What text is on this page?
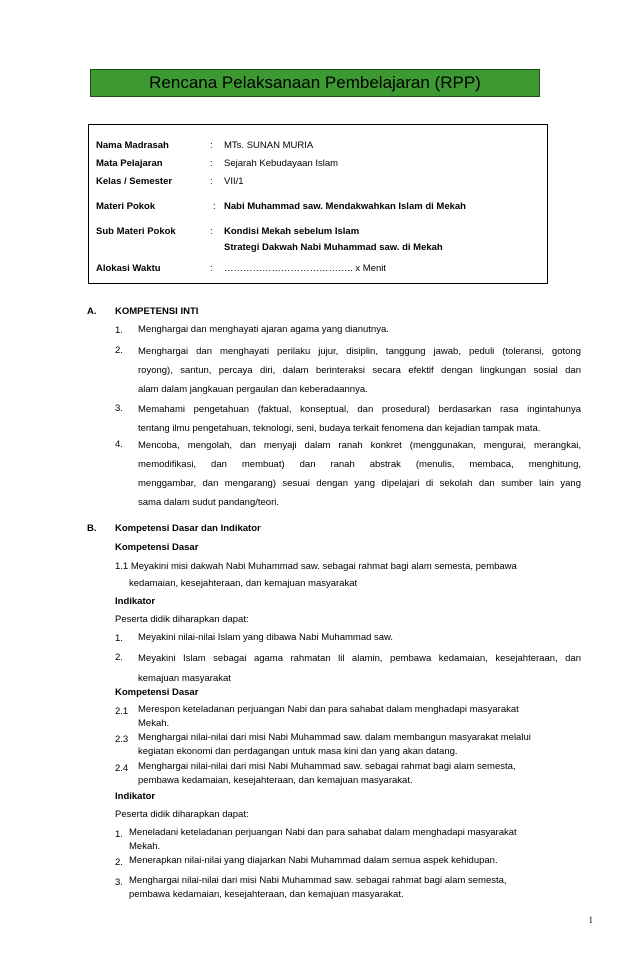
Rencana Pelaksanaan Pembelajaran (RPP)
Nama Madrasah	: MTs. SUNAN MURIA
Mata Pelajaran	: Sejarah Kebudayaan Islam
Kelas / Semester	: VII/1
Materi Pokok	: Nabi Muhammad saw. Mendakwahkan Islam di Mekah
Sub Materi Pokok	: Kondisi Mekah sebelum Islam
Strategi Dakwah Nabi Muhammad saw. di Mekah
Alokasi Waktu	: ………………………………….. x Menit
A. KOMPETENSI INTI
1. Menghargai dan menghayati ajaran agama yang dianutnya.
2. Menghargai dan menghayati perilaku jujur, disiplin, tanggung jawab, peduli (toleransi, gotong
royong), santun, percaya diri, dalam berinteraksi secara efektif dengan lingkungan sosial dan
alam dalam jangkauan pergaulan dan keberadaannya.
3. Memahami pengetahuan (faktual, konseptual, dan prosedural) berdasarkan rasa ingintahunya
tentang ilmu pengetahuan, teknologi, seni, budaya terkait fenomena dan kejadian tampak mata.
4. Mencoba, mengolah, dan menyaji dalam ranah konkret (menggunakan, mengurai, merangkai,
memodifikasi, dan membuat) dan ranah abstrak (menulis, membaca, menghitung,
menggambar, dan mengarang) sesuai dengan yang dipelajari di sekolah dan sumber lain yang
sama dalam sudut pandang/teori.
B. Kompetensi Dasar dan Indikator
Kompetensi Dasar
1.1 Meyakini misi dakwah Nabi Muhammad saw. sebagai rahmat bagi alam semesta, pembawa
kedamaian, kesejahteraan, dan kemajuan masyarakat
Indikator
Peserta didik diharapkan dapat:
1. Meyakini nilai-nilai Islam yang dibawa Nabi Muhammad saw.
2. Meyakini Islam sebagai agama rahmatan lil alamin, pembawa kedamaian, kesejahteraan, dan
kemajuan masyarakat
Kompetensi Dasar
2.1 Merespon keteladanan perjuangan Nabi dan para sahabat dalam menghadapi masyarakat
Mekah.
2.3 Menghargai nilai-nilai dari misi Nabi Muhammad saw. dalam membangun masyarakat melalui
kegiatan ekonomi dan perdagangan untuk masa kini dan yang akan datang.
2.4 Menghargai nilai-nilai dari misi Nabi Muhammad saw. sebagai rahmat bagi alam semesta,
pembawa kedamaian, kesejahteraan, dan kemajuan masyarakat.
Indikator
Peserta didik diharapkan dapat:
1. Meneladani keteladanan perjuangan Nabi dan para sahabat dalam menghadapi masyarakat
Mekah.
2. Menerapkan nilai-nilai yang diajarkan Nabi Muhammad dalam semua aspek kehidupan.
3. Menghargai nilai-nilai dari misi Nabi Muhammad saw. sebagai rahmat bagi alam semesta,
pembawa kedamaian, kesejahteraan, dan kemajuan masyarakat.
1
